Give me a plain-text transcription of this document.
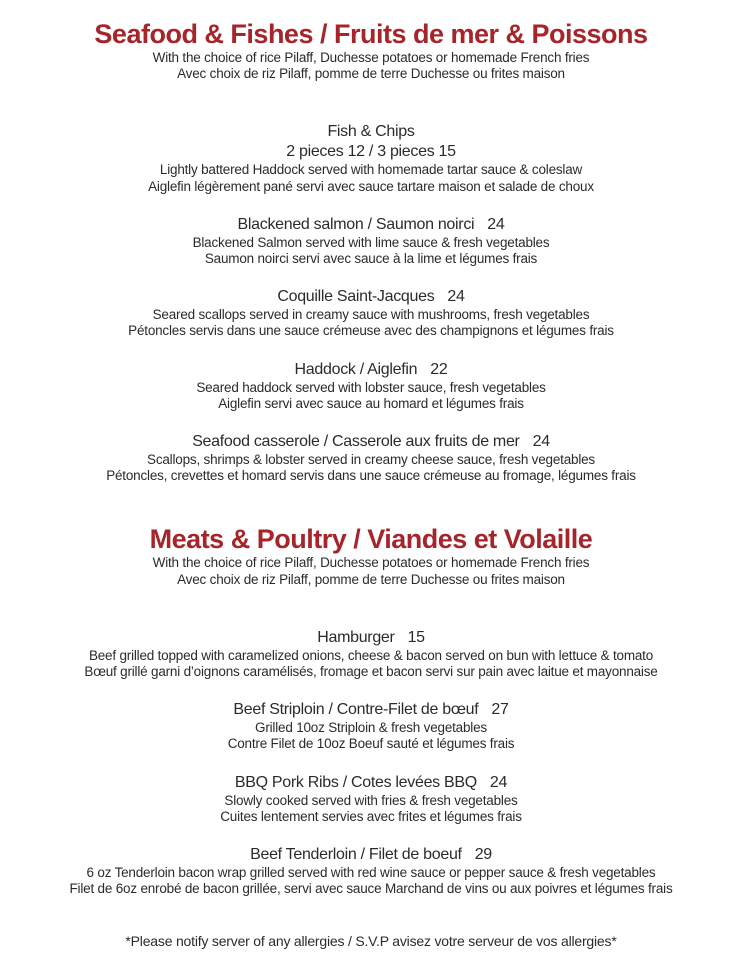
Seafood & Fishes / Fruits de mer & Poissons
With the choice of rice Pilaff, Duchesse potatoes or homemade French fries
Avec choix de riz Pilaff, pomme de terre Duchesse ou frites maison
Fish & Chips
2 pieces 12 / 3 pieces 15
Lightly battered Haddock served with homemade tartar sauce & coleslaw
Aiglefin légèrement pané servi avec sauce tartare maison et salade de choux
Blackened salmon / Saumon noirci 24
Blackened Salmon served with lime sauce & fresh vegetables
Saumon noirci servi avec sauce à la lime et légumes frais
Coquille Saint-Jacques 24
Seared scallops served in creamy sauce with mushrooms, fresh vegetables
Pétoncles servis dans une sauce crémeuse avec des champignons et légumes frais
Haddock / Aiglefin 22
Seared haddock served with lobster sauce, fresh vegetables
Aiglefin servi avec sauce au homard et légumes frais
Seafood casserole / Casserole aux fruits de mer 24
Scallops, shrimps & lobster served in creamy cheese sauce, fresh vegetables
Pétoncles, crevettes et homard servis dans une sauce crémeuse au fromage, légumes frais
Meats & Poultry / Viandes et Volaille
With the choice of rice Pilaff, Duchesse potatoes or homemade French fries
Avec choix de riz Pilaff, pomme de terre Duchesse ou frites maison
Hamburger 15
Beef grilled topped with caramelized onions, cheese & bacon served on bun with lettuce & tomato
Bœuf grillé garni d’oignons caramélisés, fromage et bacon servi sur pain avec laitue et mayonnaise
Beef Striploin / Contre-Filet de bœuf 27
Grilled 10oz Striploin & fresh vegetables
Contre Filet de 10oz Boeuf sauté et légumes frais
BBQ Pork Ribs / Cotes levées BBQ 24
Slowly cooked served with fries & fresh vegetables
Cuites lentement servies avec frites et légumes frais
Beef Tenderloin / Filet de boeuf 29
6 oz Tenderloin bacon wrap grilled served with red wine sauce or pepper sauce & fresh vegetables
Filet de 6oz enrobé de bacon grillée, servi avec sauce Marchand de vins ou aux poivres et légumes frais
*Please notify server of any allergies / S.V.P avisez votre serveur de vos allergies*
